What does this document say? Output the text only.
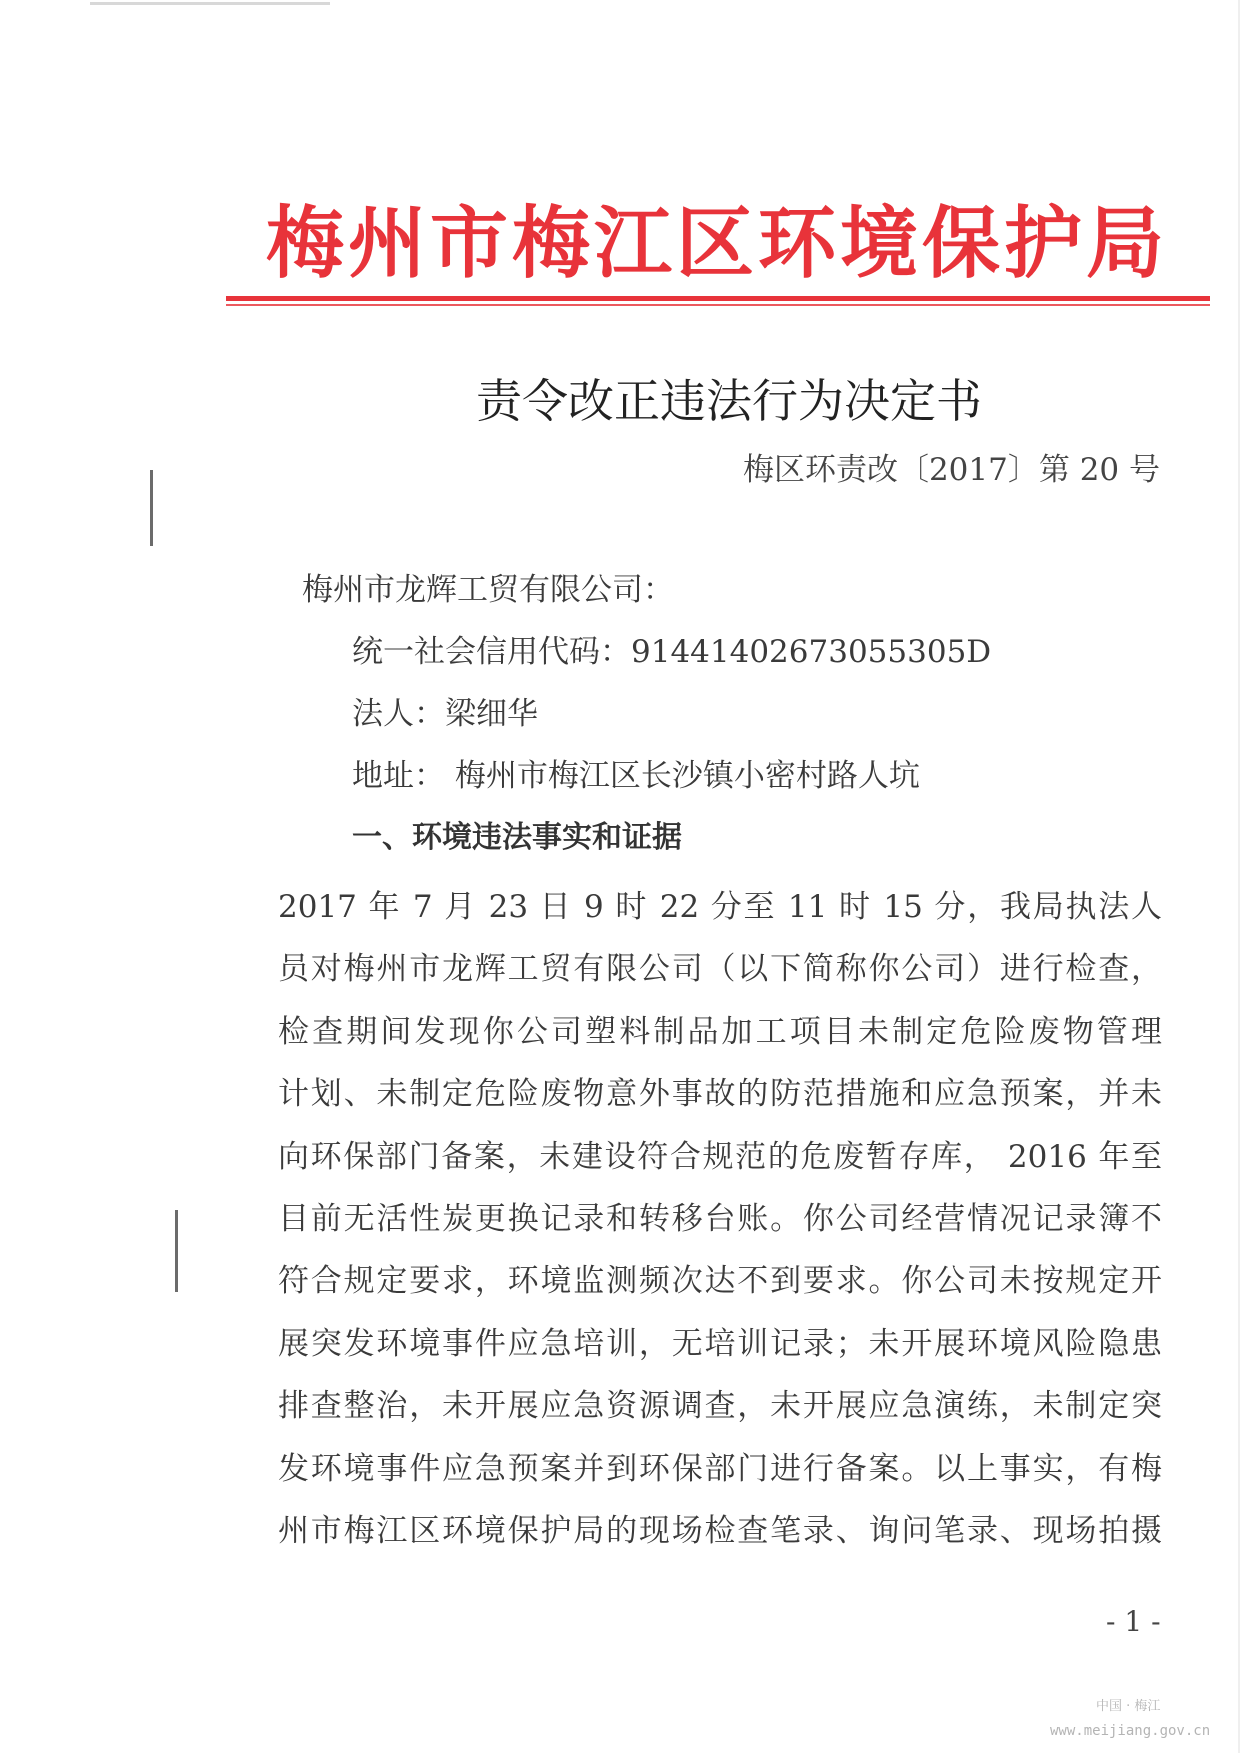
梅州市梅江区环境保护局
责令改正违法行为决定书
梅区环责改〔2017〕第 20 号
梅州市龙辉工贸有限公司：
统一社会信用代码：91441402673055305D
法人：梁细华
地址： 梅州市梅江区长沙镇小密村路人坑
一、环境违法事实和证据
2017 年 7 月 23 日 9 时 22 分至 11 时 15 分，我局执法人
员对梅州市龙辉工贸有限公司（以下简称你公司）进行检查，
检查期间发现你公司塑料制品加工项目未制定危险废物管理
计划、未制定危险废物意外事故的防范措施和应急预案，并未
向环保部门备案，未建设符合规范的危废暂存库， 2016 年至
目前无活性炭更换记录和转移台账。你公司经营情况记录簿不
符合规定要求，环境监测频次达不到要求。你公司未按规定开
展突发环境事件应急培训，无培训记录；未开展环境风险隐患
排查整治，未开展应急资源调查，未开展应急演练，未制定突
发环境事件应急预案并到环保部门进行备案。以上事实，有梅
州市梅江区环境保护局的现场检查笔录、询问笔录、现场拍摄
- 1 -
中国 · 梅江
www.meijiang.gov.cn
